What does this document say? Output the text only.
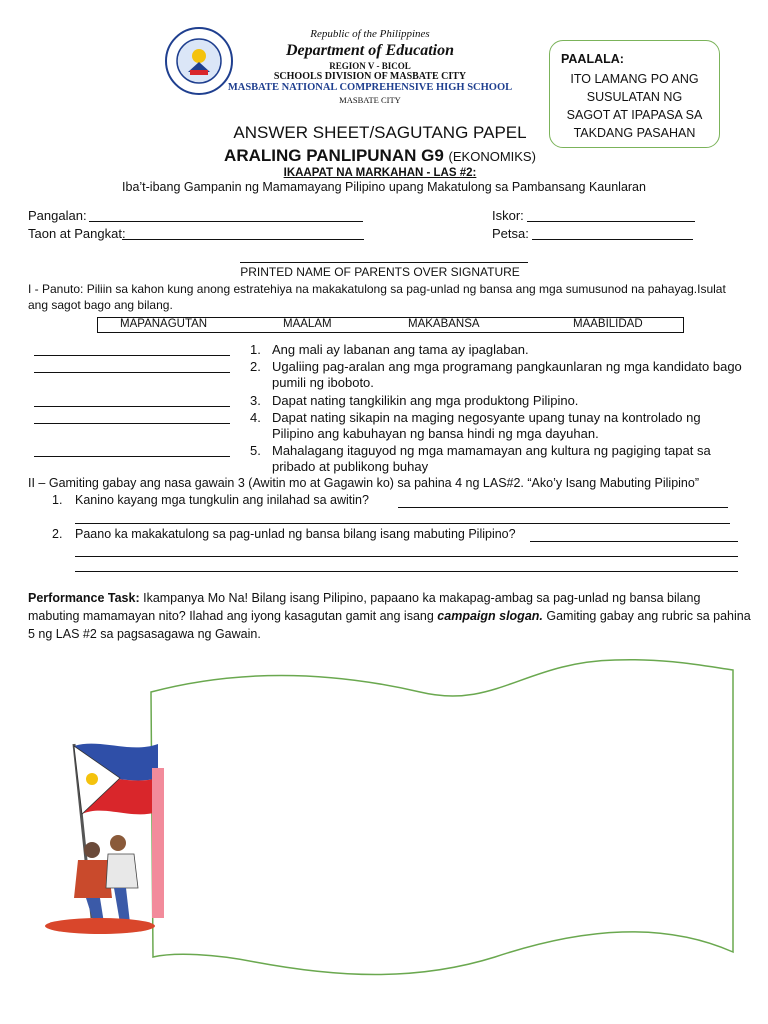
Republic of the Philippines
Department of Education
REGION V - BICOL
SCHOOLS DIVISION OF MASBATE CITY
MASBATE NATIONAL COMPREHENSIVE HIGH SCHOOL
MASBATE CITY
PAALALA:
ITO LAMANG PO ANG
SUSULATAN NG
SAGOT AT IPAPASA SA
TAKDANG PASAHAN
ANSWER SHEET/SAGUTANG PAPEL
ARALING PANLIPUNAN G9 (EKONOMIKS)
IKAAPAT NA MARKAHAN - LAS #2:
Iba’t-ibang Gampanin ng Mamamayang Pilipino upang Makatulong sa Pambansang Kaunlaran
Pangalan:
Taon at Pangkat:
Iskor:
Petsa:
PRINTED NAME OF PARENTS OVER SIGNATURE
I - Panuto: Piliin sa kahon kung anong estratehiya na makakatulong sa pag-unlad ng bansa ang mga sumusunod na pahayag.Isulat ang sagot bago ang bilang.
MAPANAGUTAN	MAALAM	MAKABANSA	MAABILIDAD
1. Ang mali ay labanan ang tama ay ipaglaban.
2. Ugaliing pag-aralan ang mga programang pangkaunlaran ng mga kandidato bago
pumili ng iboboto.
3. Dapat nating tangkilikin ang mga produktong Pilipino.
4. Dapat nating sikapin na maging negosyante upang tunay na kontrolado ng
Pilipino ang kabuhayan ng bansa hindi ng mga dayuhan.
5. Mahalagang itaguyod ng mga mamamayan ang kultura ng pagiging tapat sa
pribado at publikong buhay
II – Gamiting gabay ang nasa gawain 3 (Awitin mo at Gagawin ko) sa pahina 4 ng LAS#2. “Ako’y Isang Mabuting Pilipino”
1. Kanino kayang mga tungkulin ang inilahad sa awitin?
2. Paano ka makakatulong sa pag-unlad ng bansa bilang isang mabuting Pilipino?
Performance Task: Ikampanya Mo Na! Bilang isang Pilipino, papaano ka makapag-ambag sa pag-unlad ng bansa bilang mabuting mamamayan nito? Ilahad ang iyong kasagutan gamit ang isang campaign slogan. Gamiting gabay ang rubric sa pahina 5 ng LAS #2 sa pagsasagawa ng Gawain.
